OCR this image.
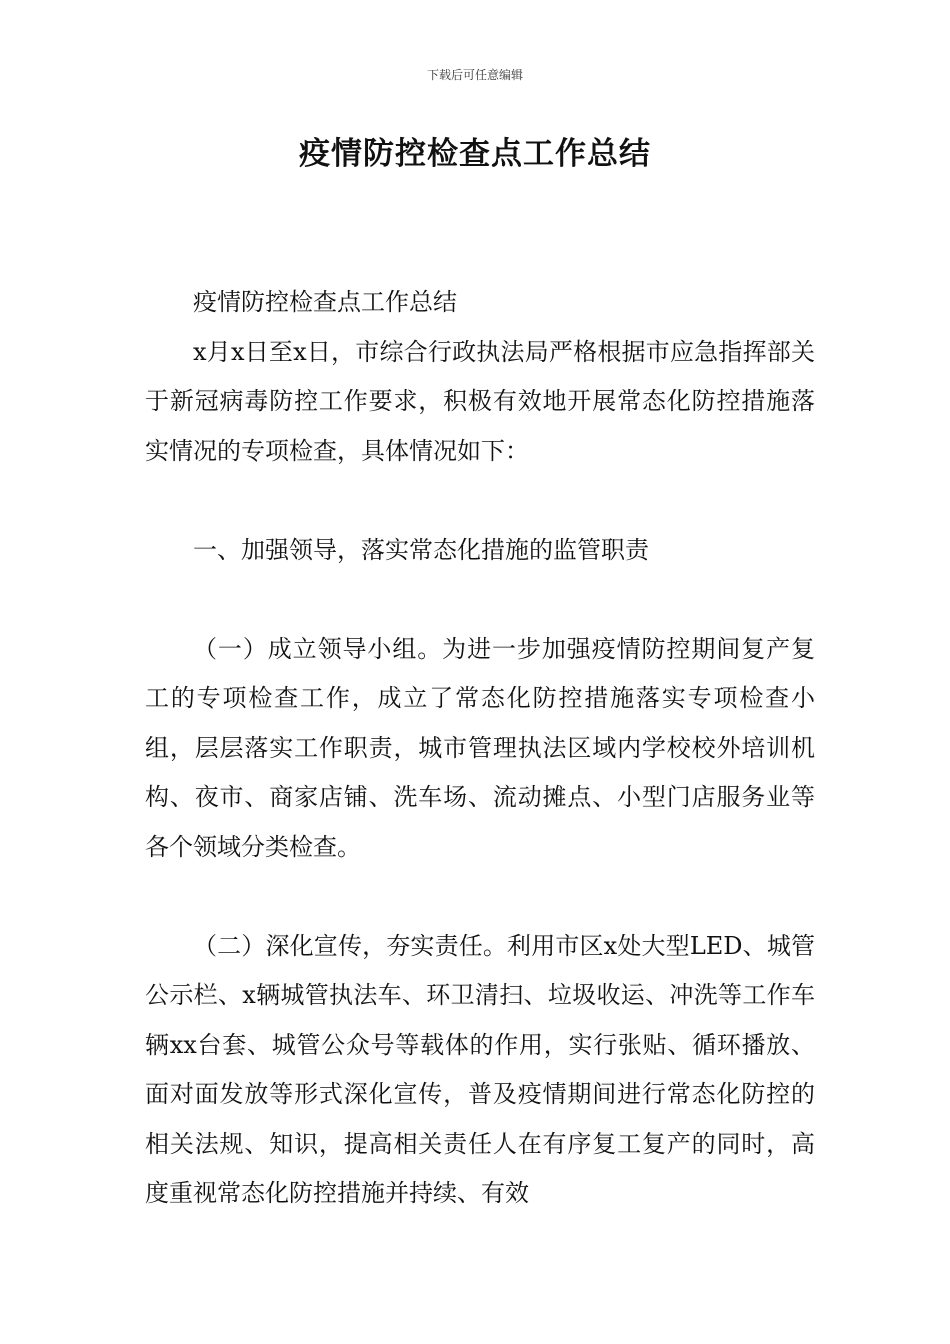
下载后可任意编辑
疫情防控检查点工作总结

疫情防控检查点工作总结

x月x日至x日，市综合行政执法局严格根据市应急指挥部关于新冠病毒防控工作要求，积极有效地开展常态化防控措施落实情况的专项检查，具体情况如下：

一、加强领导，落实常态化措施的监管职责

（一）成立领导小组。为进一步加强疫情防控期间复产复工的专项检查工作，成立了常态化防控措施落实专项检查小组，层层落实工作职责，城市管理执法区域内学校校外培训机构、夜市、商家店铺、洗车场、流动摊点、小型门店服务业等各个领域分类检查。

（二）深化宣传，夯实责任。利用市区x处大型LED、城管公示栏、x辆城管执法车、环卫清扫、垃圾收运、冲洗等工作车辆xx台套、城管公众号等载体的作用，实行张贴、循环播放、面对面发放等形式深化宣传，普及疫情期间进行常态化防控的相关法规、知识，提高相关责任人在有序复工复产的同时，高度重视常态化防控措施并持续、有效
